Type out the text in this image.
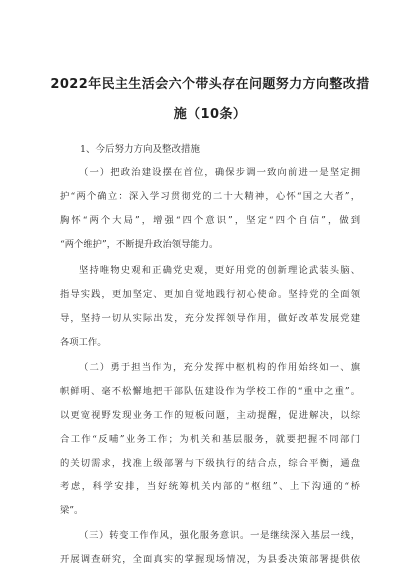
2022年民主生活会六个带头存在问题努力方向整改措
施（10条）
1、今后努力方向及整改措施
（一）把政治建设摆在首位，确保步调一致向前进一是坚定拥
护“两个确立：深入学习贯彻党的二十大精神，心怀“国之大者”，
胸怀“两个大局”，增强“四个意识”，坚定“四个自信”，做到
“两个维护”，不断提升政治领导能力。
坚持唯物史观和正确党史观，更好用党的创新理论武装头脑、
指导实践，更加坚定、更加自觉地践行初心使命。坚持党的全面领
导，坚持一切从实际出发，充分发挥领导作用，做好改革发展党建
各项工作。
（二）勇于担当作为，充分发挥中枢机构的作用始终如一、旗
帜鲜明、毫不松懈地把干部队伍建设作为学校工作的“重中之重”。
以更宽视野发现业务工作的短板问题，主动提醒，促进解决，以综
合工作“反哺”业务工作；为机关和基层服务，就要把握不同部门
的关切需求，找准上级部署与下级执行的结合点，综合平衡，通盘
考虑，科学安排，当好统筹机关内部的“枢纽”、上下沟通的“桥
梁”。
（三）转变工作作风，强化服务意识。一是继续深入基层一线，
开展调查研究，全面真实的掌握现场情况，为县委决策部署提供依
